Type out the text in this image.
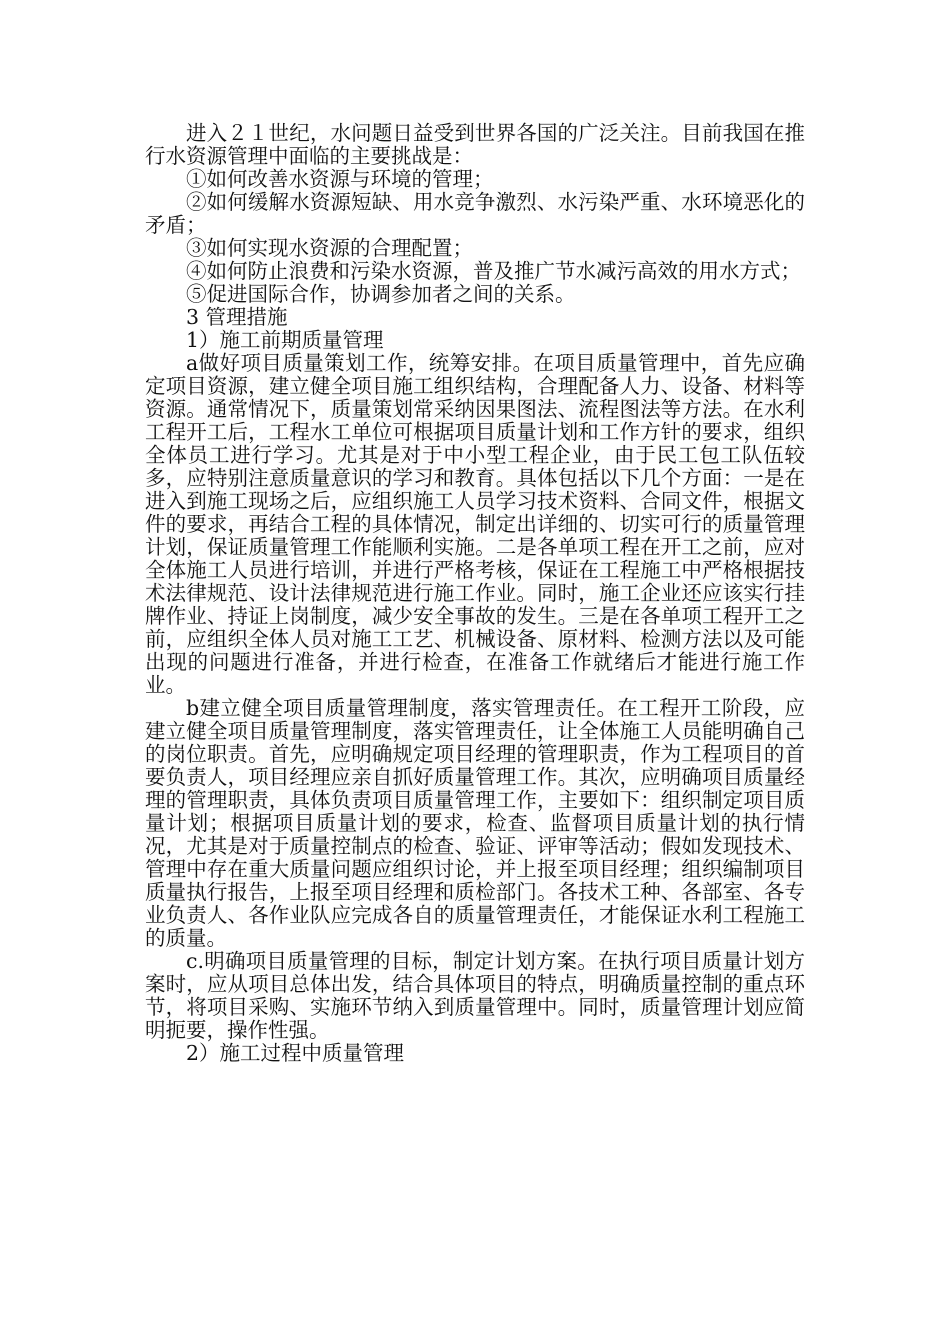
进入２１世纪，水问题日益受到世界各国的广泛关注。目前我国在推行水资源管理中面临的主要挑战是：

①如何改善水资源与环境的管理；

②如何缓解水资源短缺、用水竞争激烈、水污染严重、水环境恶化的矛盾；

③如何实现水资源的合理配置；

④如何防止浪费和污染水资源，普及推广节水减污高效的用水方式；

⑤促进国际合作，协调参加者之间的关系。

3 管理措施

1）施工前期质量管理

a做好项目质量策划工作，统筹安排。在项目质量管理中，首先应确定项目资源，建立健全项目施工组织结构，合理配备人力、设备、材料等资源。通常情况下，质量策划常采纳因果图法、流程图法等方法。在水利工程开工后，工程水工单位可根据项目质量计划和工作方针的要求，组织全体员工进行学习。尤其是对于中小型工程企业，由于民工包工队伍较多，应特别注意质量意识的学习和教育。具体包括以下几个方面：一是在进入到施工现场之后，应组织施工人员学习技术资料、合同文件，根据文件的要求，再结合工程的具体情况，制定出详细的、切实可行的质量管理计划，保证质量管理工作能顺利实施。二是各单项工程在开工之前，应对全体施工人员进行培训，并进行严格考核，保证在工程施工中严格根据技术法律规范、设计法律规范进行施工作业。同时，施工企业还应该实行挂牌作业、持证上岗制度，减少安全事故的发生。三是在各单项工程开工之前，应组织全体人员对施工工艺、机械设备、原材料、检测方法以及可能出现的问题进行准备，并进行检查，在准备工作就绪后才能进行施工作业。

b建立健全项目质量管理制度，落实管理责任。在工程开工阶段，应建立健全项目质量管理制度，落实管理责任，让全体施工人员能明确自己的岗位职责。首先，应明确规定项目经理的管理职责，作为工程项目的首要负责人，项目经理应亲自抓好质量管理工作。其次，应明确项目质量经理的管理职责，具体负责项目质量管理工作，主要如下：组织制定项目质量计划；根据项目质量计划的要求，检查、监督项目质量计划的执行情况，尤其是对于质量控制点的检查、验证、评审等活动；假如发现技术、管理中存在重大质量问题应组织讨论，并上报至项目经理；组织编制项目质量执行报告，上报至项目经理和质检部门。各技术工种、各部室、各专业负责人、各作业队应完成各自的质量管理责任，才能保证水利工程施工的质量。

c.明确项目质量管理的目标，制定计划方案。在执行项目质量计划方案时，应从项目总体出发，结合具体项目的特点，明确质量控制的重点环节，将项目采购、实施环节纳入到质量管理中。同时，质量管理计划应简明扼要，操作性强。

2）施工过程中质量管理
